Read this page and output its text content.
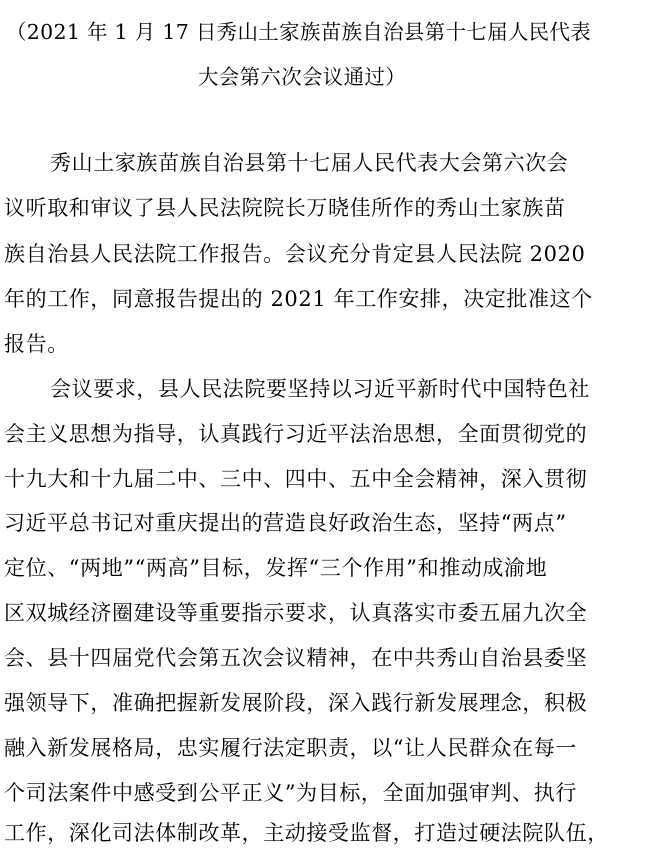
（2021 年 1 月 17 日秀山土家族苗族自治县第十七届人民代表
大会第六次会议通过）
秀山土家族苗族自治县第十七届人民代表大会第六次会
议听取和审议了县人民法院院长万晓佳所作的秀山土家族苗
族自治县人民法院工作报告。会议充分肯定县人民法院 2020
年的工作，同意报告提出的 2021 年工作安排，决定批准这个
报告。
会议要求，县人民法院要坚持以习近平新时代中国特色社
会主义思想为指导，认真践行习近平法治思想，全面贯彻党的
十九大和十九届二中、三中、四中、五中全会精神，深入贯彻
习近平总书记对重庆提出的营造良好政治生态，坚持“两点”
定位、“两地”“两高”目标，发挥“三个作用”和推动成渝地
区双城经济圈建设等重要指示要求，认真落实市委五届九次全
会、县十四届党代会第五次会议精神，在中共秀山自治县委坚
强领导下，准确把握新发展阶段，深入践行新发展理念，积极
融入新发展格局，忠实履行法定职责，以“让人民群众在每一
个司法案件中感受到公平正义”为目标，全面加强审判、执行
工作，深化司法体制改革，主动接受监督，打造过硬法院队伍，
